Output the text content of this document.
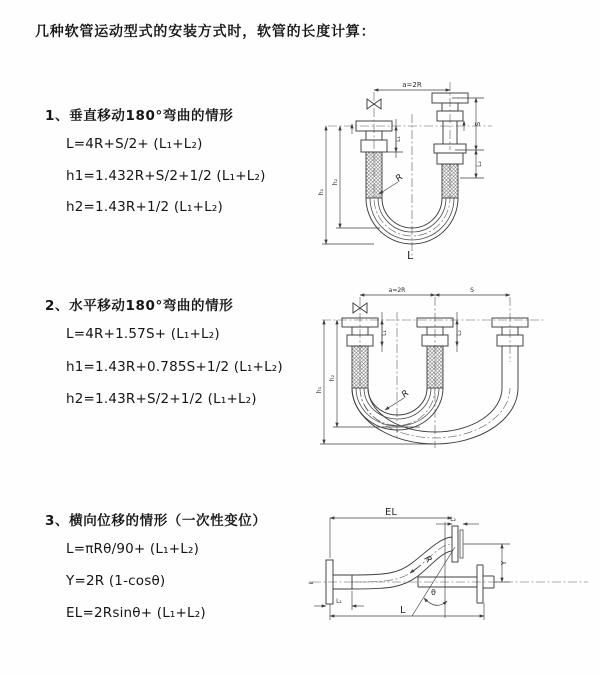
几种软管运动型式的安装方式时，软管的长度计算：
1、垂直移动180°弯曲的情形
L=4R+S/2+ (L₁+L₂)
h1=1.432R+S/2+1/2 (L₁+L₂)
h2=1.43R+1/2 (L₁+L₂)
2、水平移动180°弯曲的情形
L=4R+1.57S+ (L₁+L₂)
h1=1.43R+0.785S+1/2 (L₁+L₂)
h2=1.43R+S/2+1/2 (L₁+L₂)
3、横向位移的情形（一次性变位）
L=πRθ/90+ (L₁+L₂)
Y=2R (1-cosθ)
EL=2Rsinθ+ (L₁+L₂)
a=2R
S
L₂
L₁
h₁
h₂	R
L
a=2R	S
L₁	L₂
h₁
h₂
R
≈
θ
R
EL
L₂
Y
L
L₁
